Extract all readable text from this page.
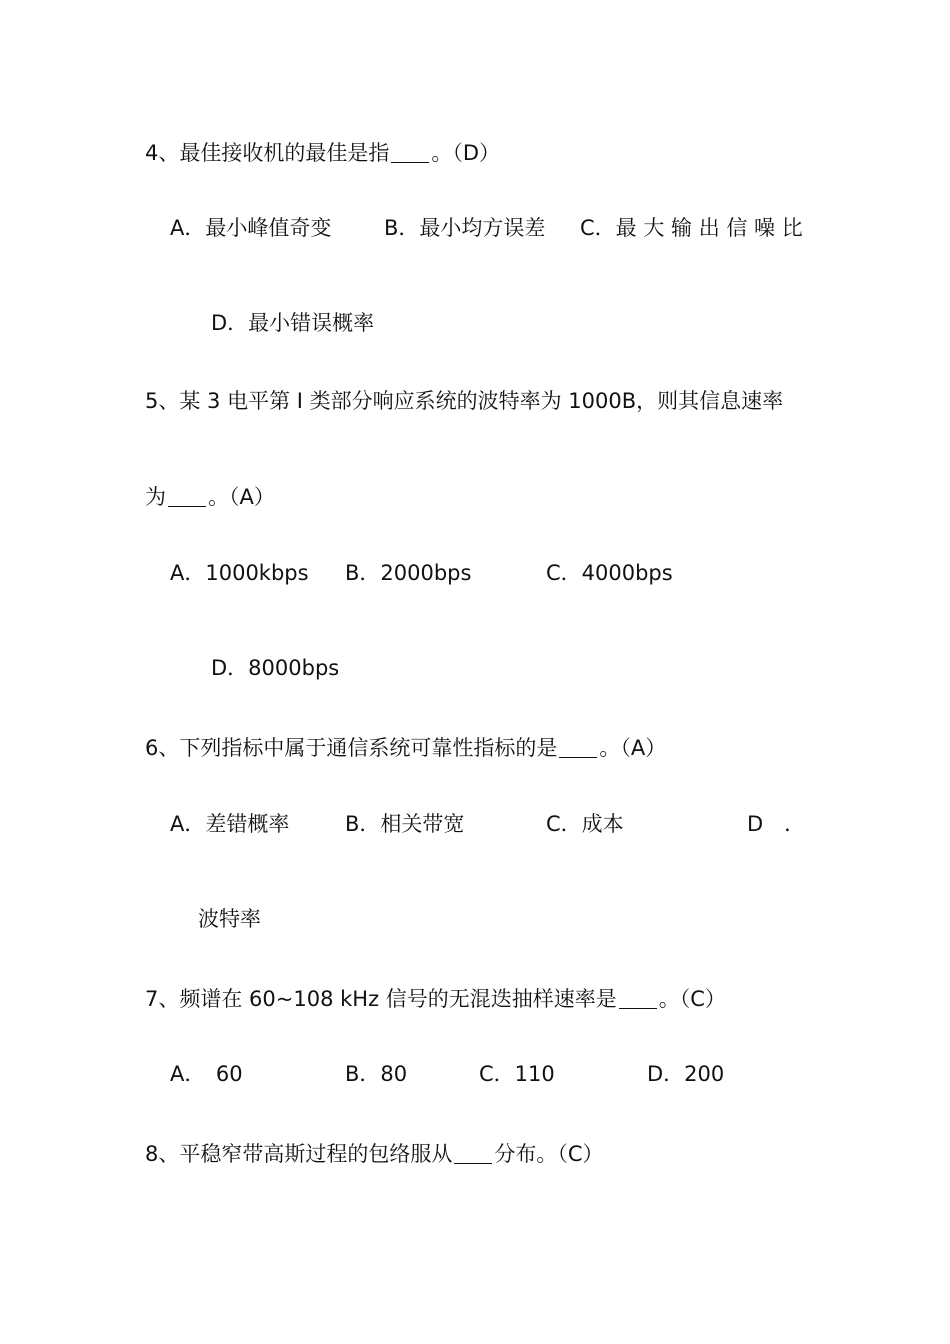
4、最佳接收机的最佳是指 。（D）
A．最小峰值奇变	B．最小均方误差 C．最 大 输 出 信 噪 比
D．最小错误概率
5、某 3 电平第 I 类部分响应系统的波特率为 1000B，则其信息速率
为 。（A）
A．1000kbps B．2000bps	C．4000bps
D．8000bps
6、下列指标中属于通信系统可靠性指标的是 。（A）
A．差错概率	B．相关带宽	C．成本	D　．
波特率
7、频谱在 60~108 kHz 信号的无混迭抽样速率是 。（C）
A．　60	B．80	C．110	D．200
8、平稳窄带高斯过程的包络服从 分布。（C）
